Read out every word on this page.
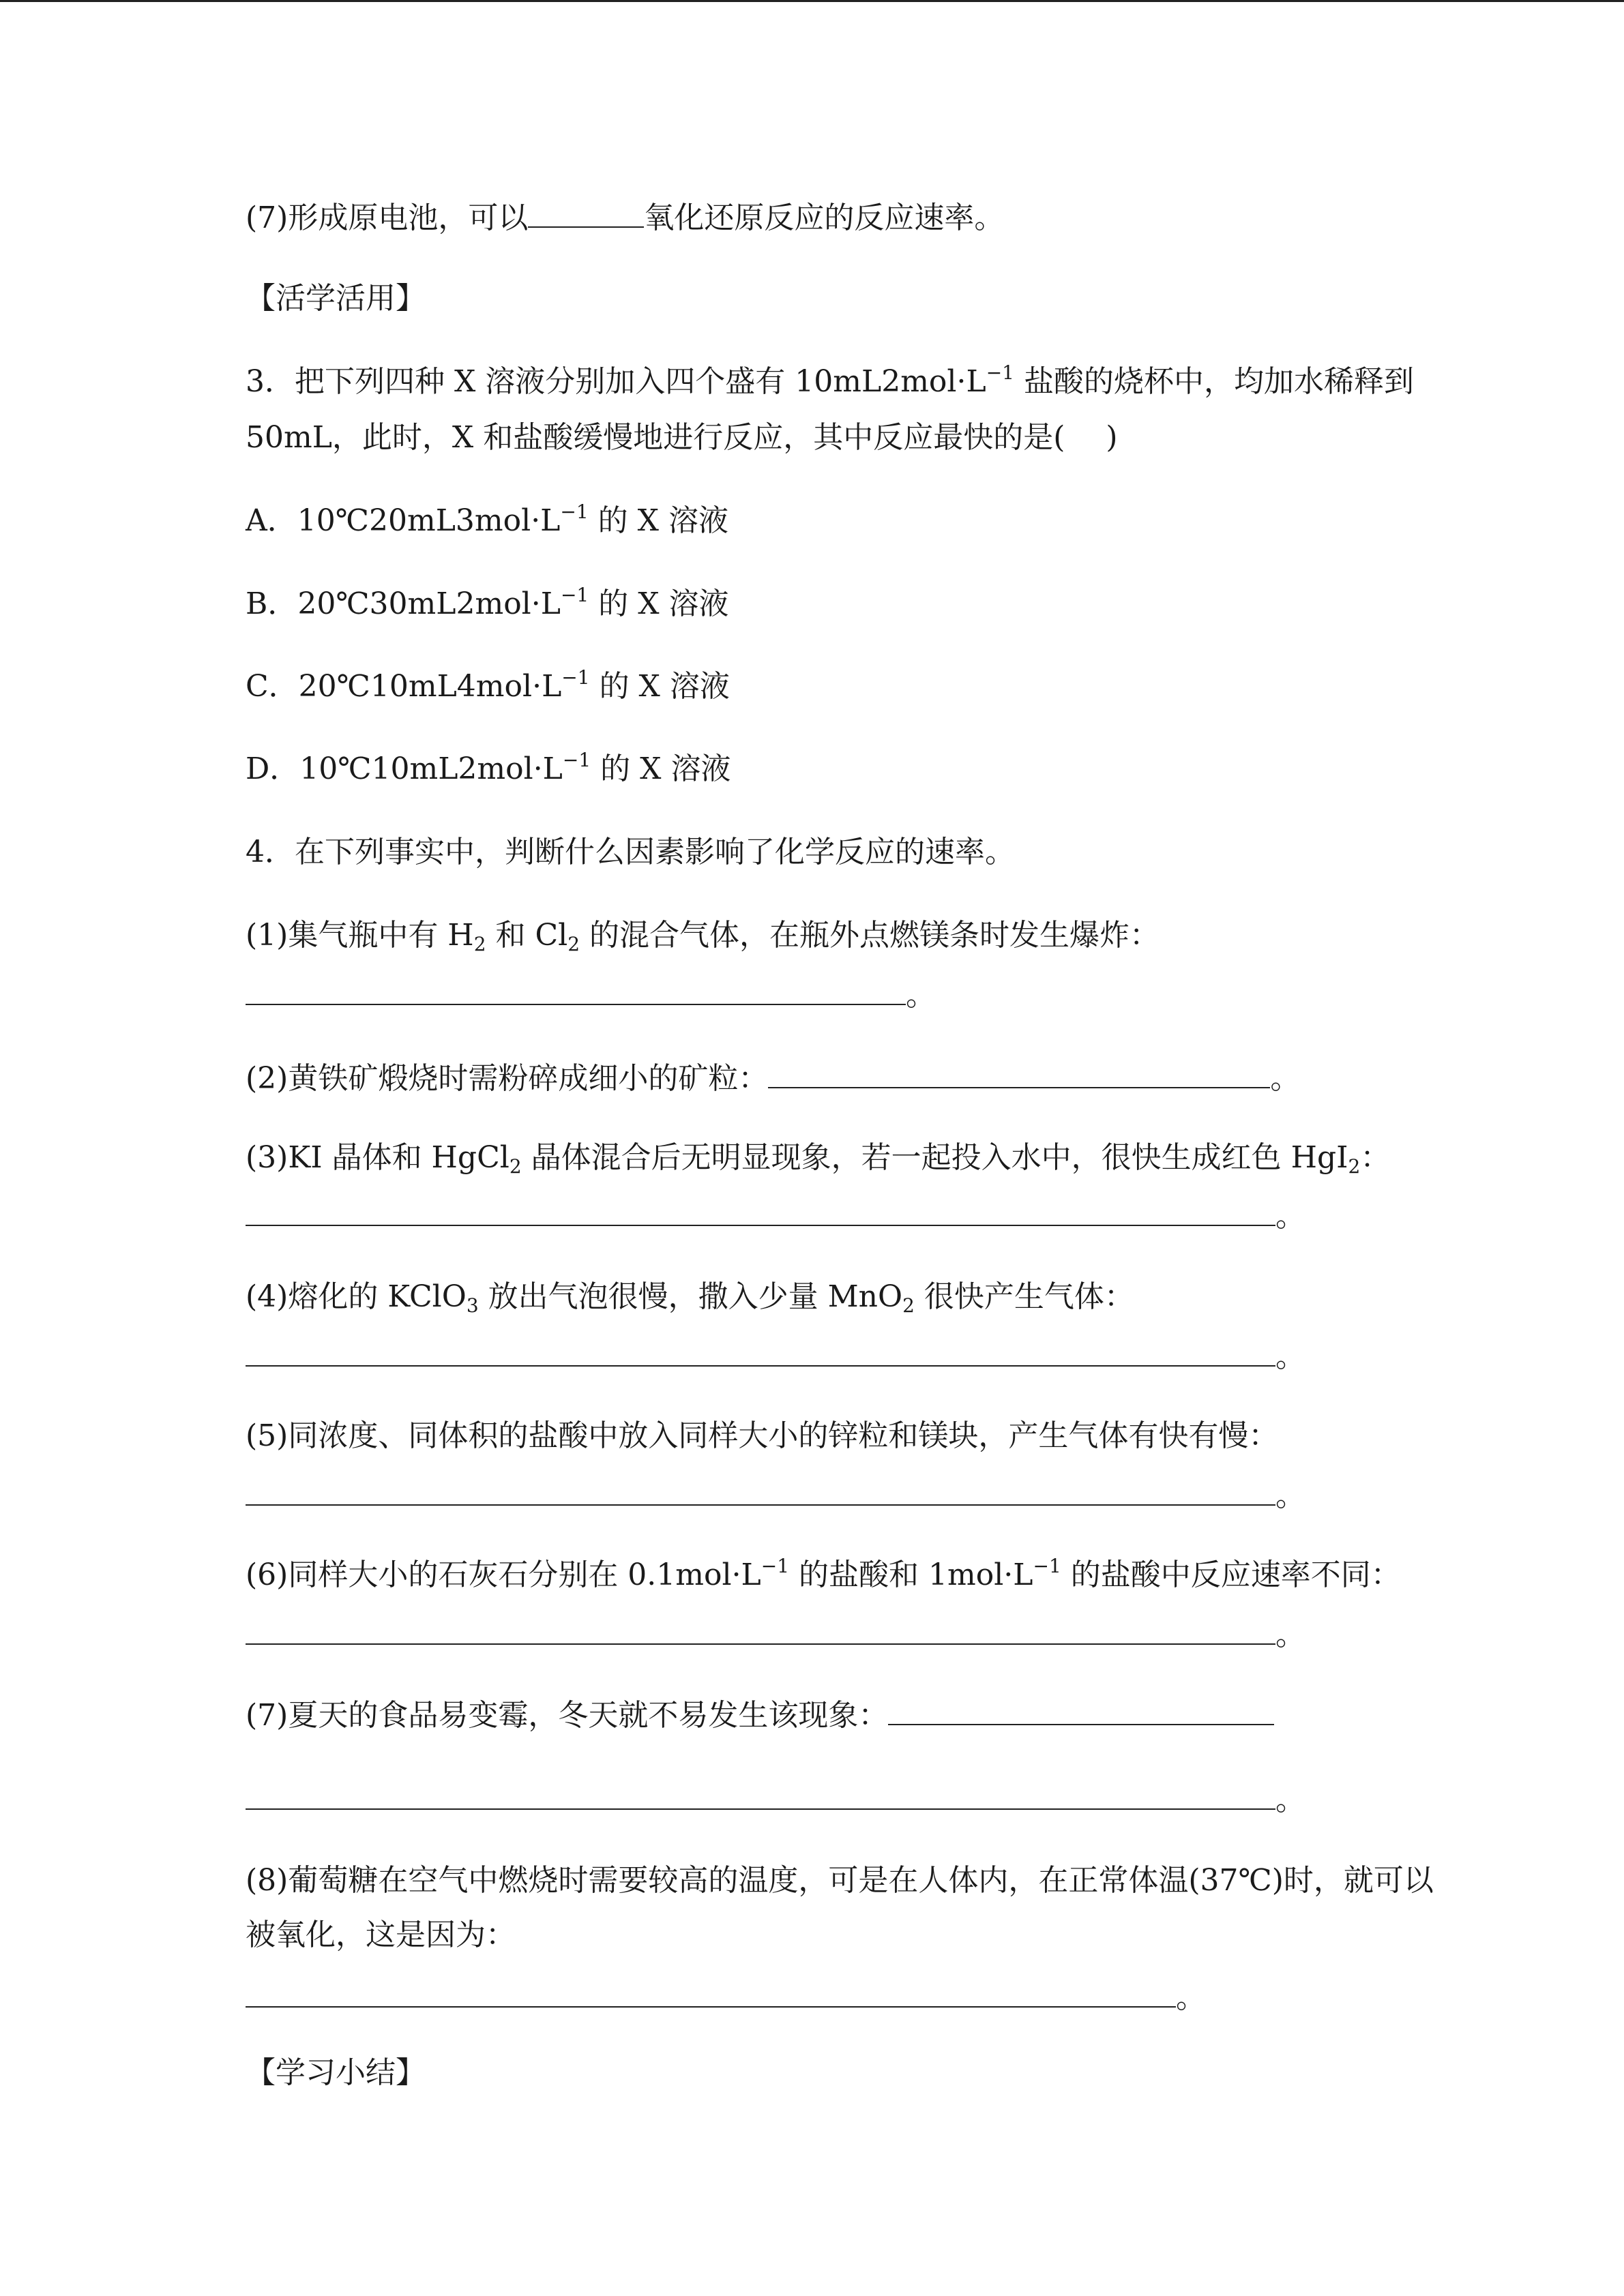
(7)形成原电池，可以	氧化还原反应的反应速率。
【活学活用】
3．把下列四种 X 溶液分别加入四个盛有 $10mL2mol\cdot L^{-1}$ 盐酸的烧杯中，均加水稀释到
50mL，此时，X 和盐酸缓慢地进行反应，其中反应最快的是( )
A．$10℃20mL3mol\cdot L^{-1}$ 的 X 溶液
B．$20℃30mL2mol\cdot L^{-1}$ 的 X 溶液
C．$20℃10mL4mol\cdot L^{-1}$ 的 X 溶液
D．$10℃10mL2mol\cdot L^{-1}$ 的 X 溶液
4．在下列事实中，判断什么因素影响了化学反应的速率。
(1)集气瓶中有 $H_2$ 和 $Cl_2$ 的混合气体，在瓶外点燃镁条时发生爆炸：
。
(2)黄铁矿煅烧时需粉碎成细小的矿粒：	。
(3)KI 晶体和 HgCl$_2$ 晶体混合后无明显现象，若一起投入水中，很快生成红色 HgI$_2$：
。
(4)熔化的 KClO$_3$ 放出气泡很慢，撒入少量 MnO$_2$ 很快产生气体：
。
(5)同浓度、同体积的盐酸中放入同样大小的锌粒和镁块，产生气体有快有慢：
。
(6)同样大小的石灰石分别在 $0.1mol\cdot L^{-1}$ 的盐酸和 $1mol\cdot L^{-1}$ 的盐酸中反应速率不同：
。
(7)夏天的食品易变霉，冬天就不易发生该现象：
。
(8)葡萄糖在空气中燃烧时需要较高的温度，可是在人体内，在正常体温(37℃)时，就可以
被氧化，这是因为：
。
【学习小结】
